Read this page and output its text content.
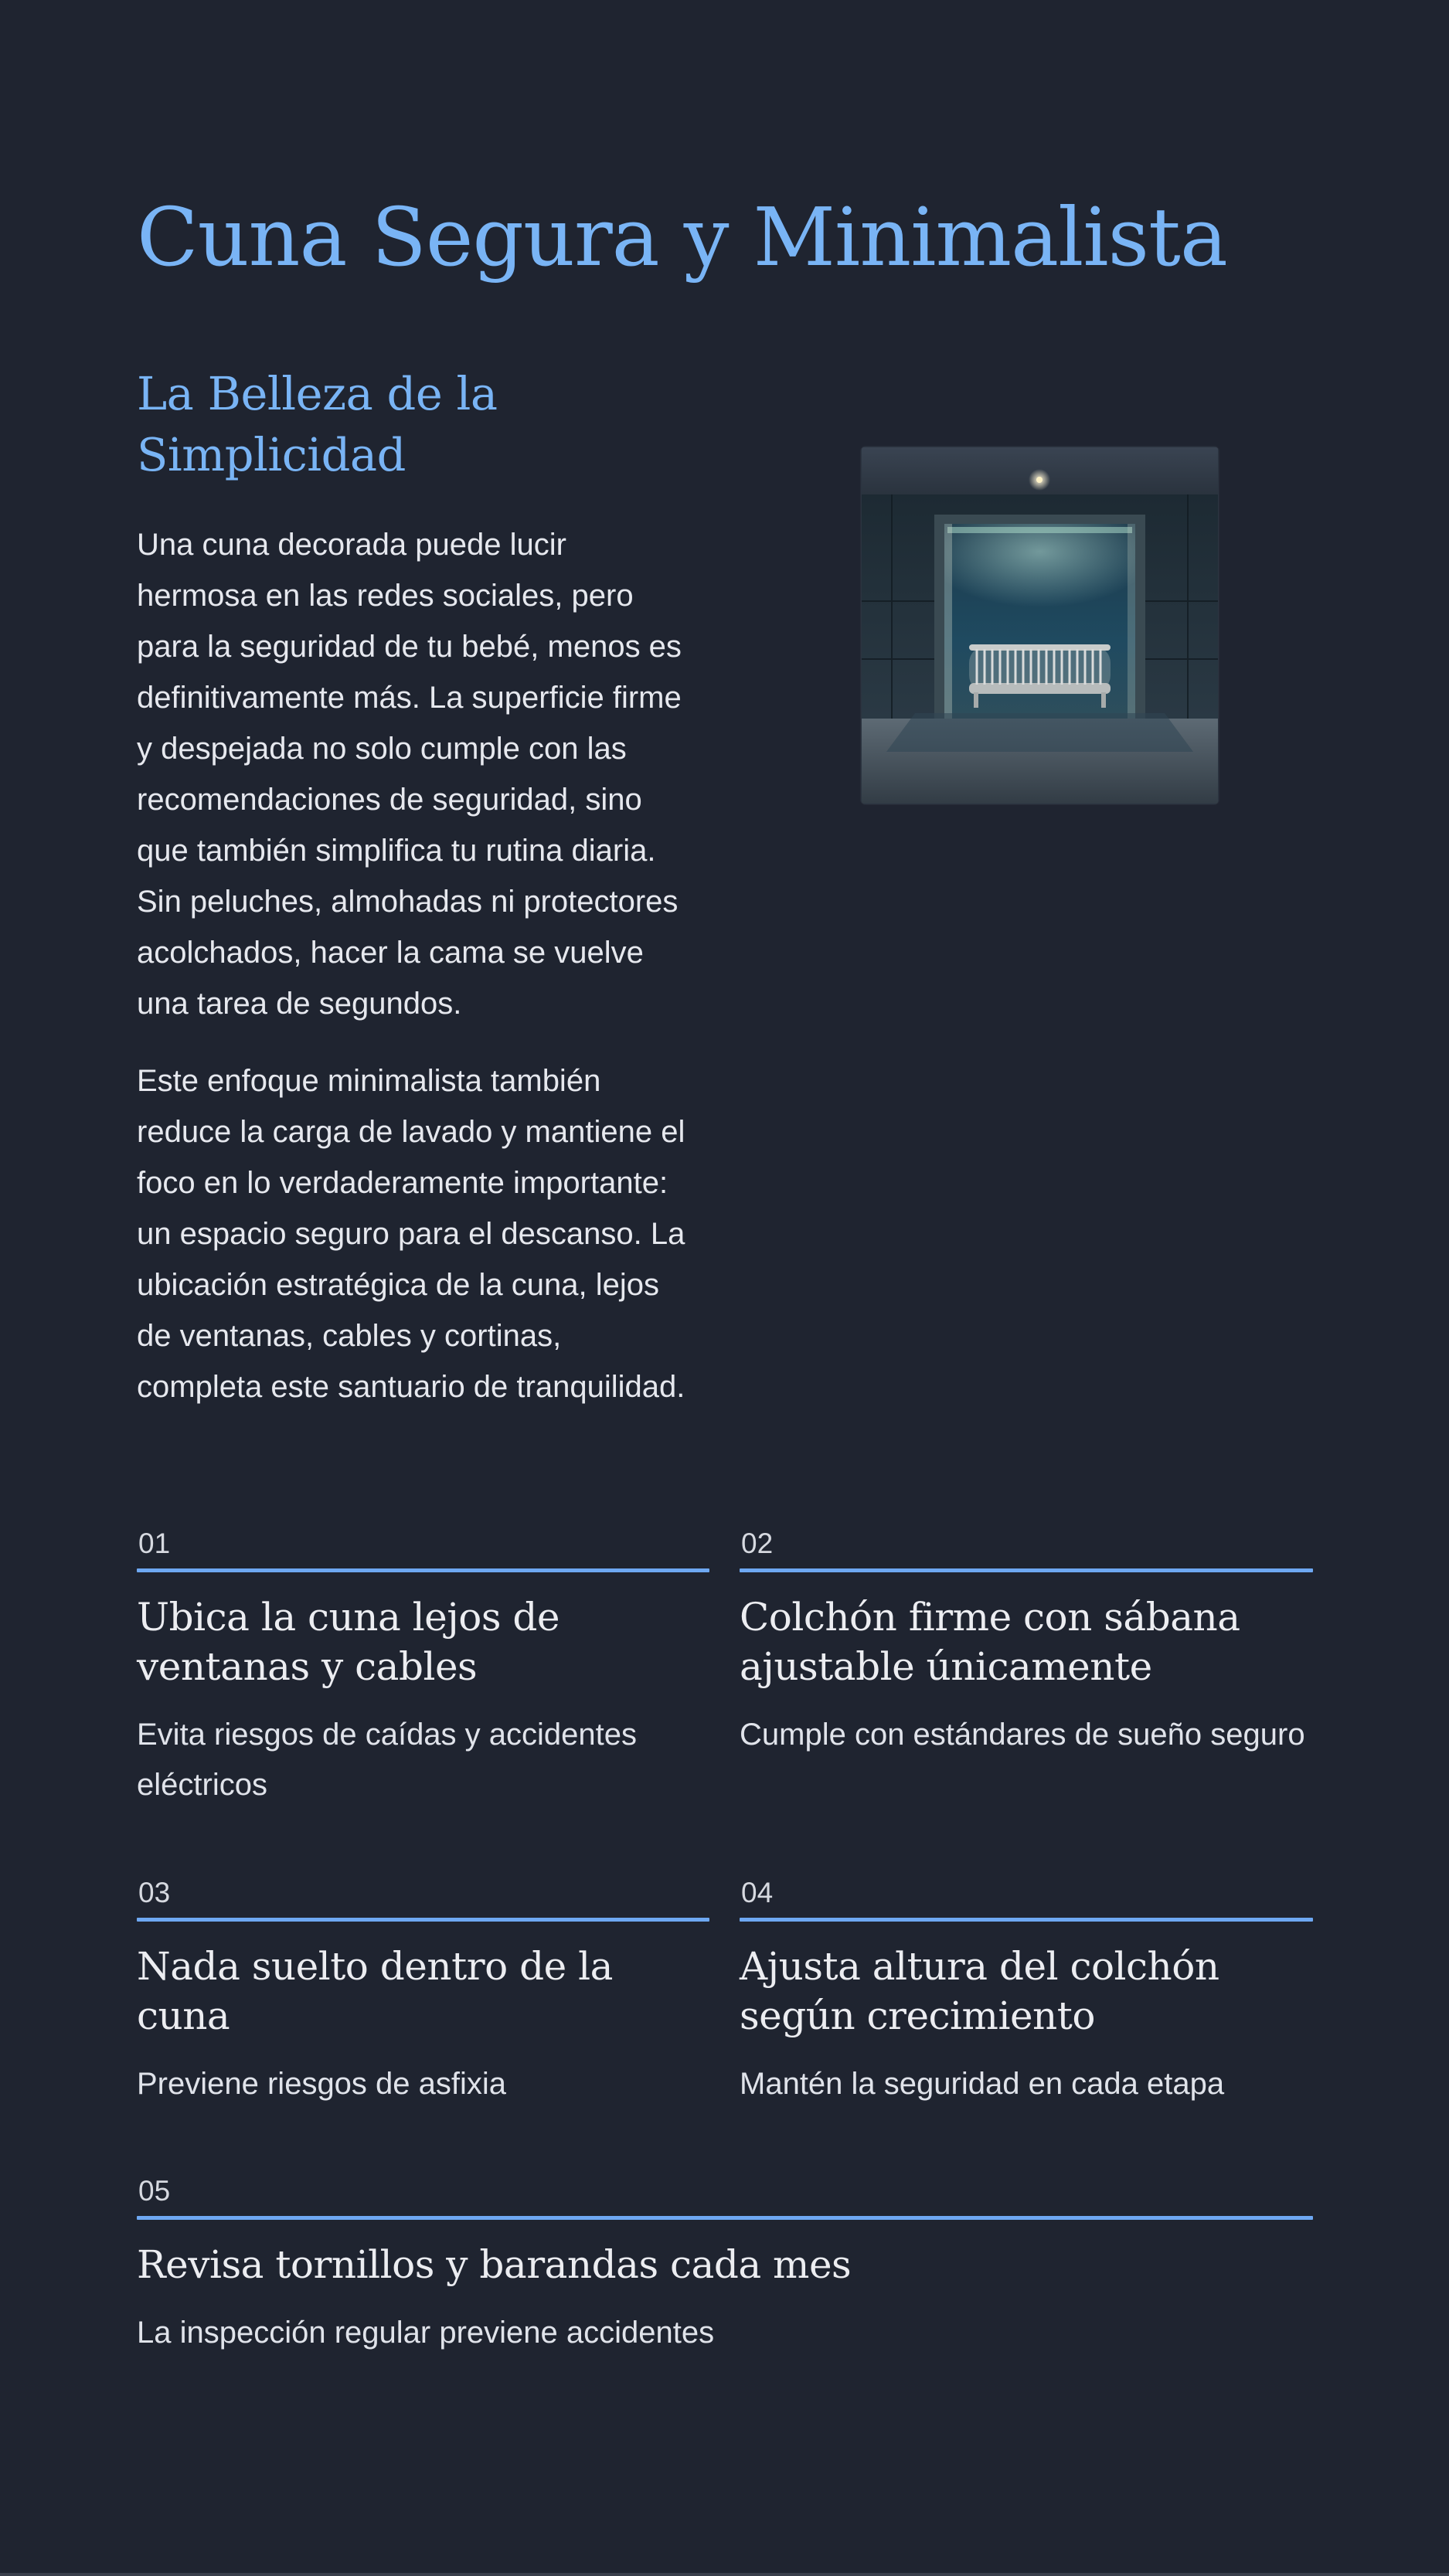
Cuna Segura y Minimalista
La Belleza de la Simplicidad

Una cuna decorada puede lucir hermosa en las redes sociales, pero para la seguridad de tu bebé, menos es definitivamente más. La superficie firme y despejada no solo cumple con las recomendaciones de seguridad, sino que también simplifica tu rutina diaria. Sin peluches, almohadas ni protectores acolchados, hacer la cama se vuelve una tarea de segundos.

Este enfoque minimalista también reduce la carga de lavado y mantiene el foco en lo verdaderamente importante: un espacio seguro para el descanso. La ubicación estratégica de la cuna, lejos de ventanas, cables y cortinas, completa este santuario de tranquilidad.

01
Ubica la cuna lejos de ventanas y cables

Evita riesgos de caídas y accidentes eléctricos

02
Colchón firme con sábana ajustable únicamente

Cumple con estándares de sueño seguro

03
Nada suelto dentro de la cuna

Previene riesgos de asfixia

04
Ajusta altura del colchón según crecimiento

Mantén la seguridad en cada etapa

05
Revisa tornillos y barandas cada mes

La inspección regular previene accidentes
